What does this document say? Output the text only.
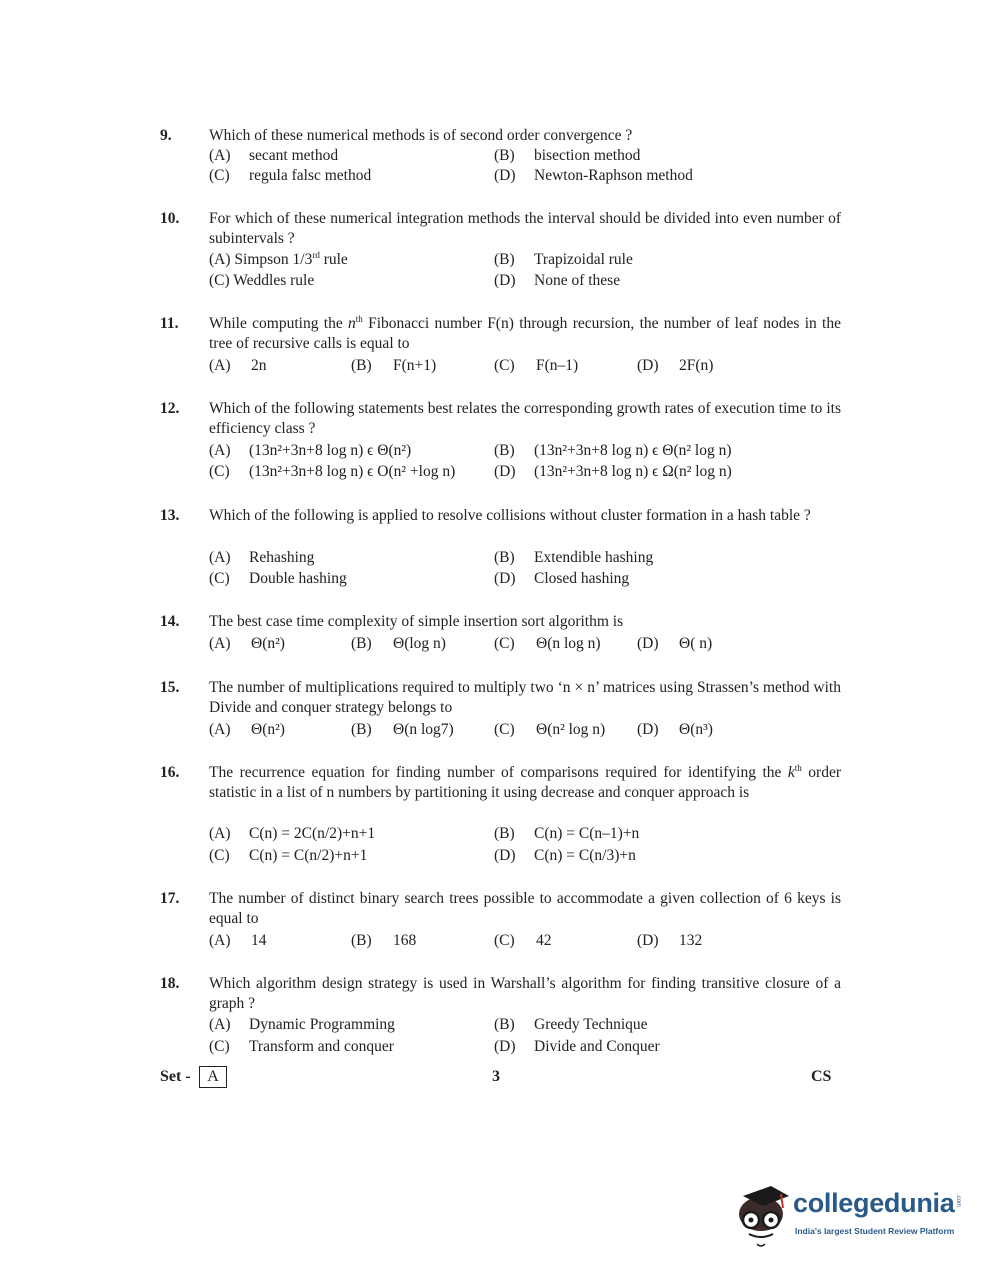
9. Which of these numerical methods is of second order convergence ?
(A) secant method	(B) bisection method
(C) regula falsc method	(D) Newton-Raphson method
10. For which of these numerical integration methods the interval should be divided into even number of subintervals ?
(A) Simpson 1/3rd rule	(B) Trapizoidal rule
(C) Weddles rule	(D) None of these
11. While computing the $n^{th}$ Fibonacci number F(n) through recursion, the number of leaf nodes in the tree of recursive calls is equal to
(A) 2n	(B) F(n+1)	(C) F(n–1)	(D) 2F(n)
12. Which of the following statements best relates the corresponding growth rates of execution time to its efficiency class ?
(A) (13n²+3n+8 log n) ϵ Θ(n²)	(B) (13n²+3n+8 log n) ϵ Θ(n² log n)
(C) (13n²+3n+8 log n) ϵ O(n² +log n)	(D) (13n²+3n+8 log n) ϵ Ω(n² log n)
13. Which of the following is applied to resolve collisions without cluster formation in a hash table ?
(A) Rehashing	(B) Extendible hashing
(C) Double hashing	(D) Closed hashing
14. The best case time complexity of simple insertion sort algorithm is
(A) Θ(n²)	(B) Θ(log n)	(C) Θ(n log n) (D) Θ( n)
15. The number of multiplications required to multiply two ‘n × n’ matrices using Strassen’s method with Divide and conquer strategy belongs to
(A) Θ(n²)	(B) Θ(n log7)	(C) Θ(n² log n) (D) Θ(n³)
16. The recurrence equation for finding number of comparisons required for identifying the $k^{th}$ order statistic in a list of n numbers by partitioning it using decrease and conquer approach is
(A) C(n) = 2C(n/2)+n+1	(B) C(n) = C(n–1)+n
(C) C(n) = C(n/2)+n+1	(D) C(n) = C(n/3)+n
17. The number of distinct binary search trees possible to accommodate a given collection of 6 keys is equal to
(A) 14	(B) 168	(C) 42	(D) 132
18. Which algorithm design strategy is used in Warshall’s algorithm for finding transitive closure of a graph ?
(A) Dynamic Programming	(B) Greedy Technique
(C) Transform and conquer	(D) Divide and Conquer
Set -	A	3	CS
collegedunia .com
India's largest Student Review Platform
